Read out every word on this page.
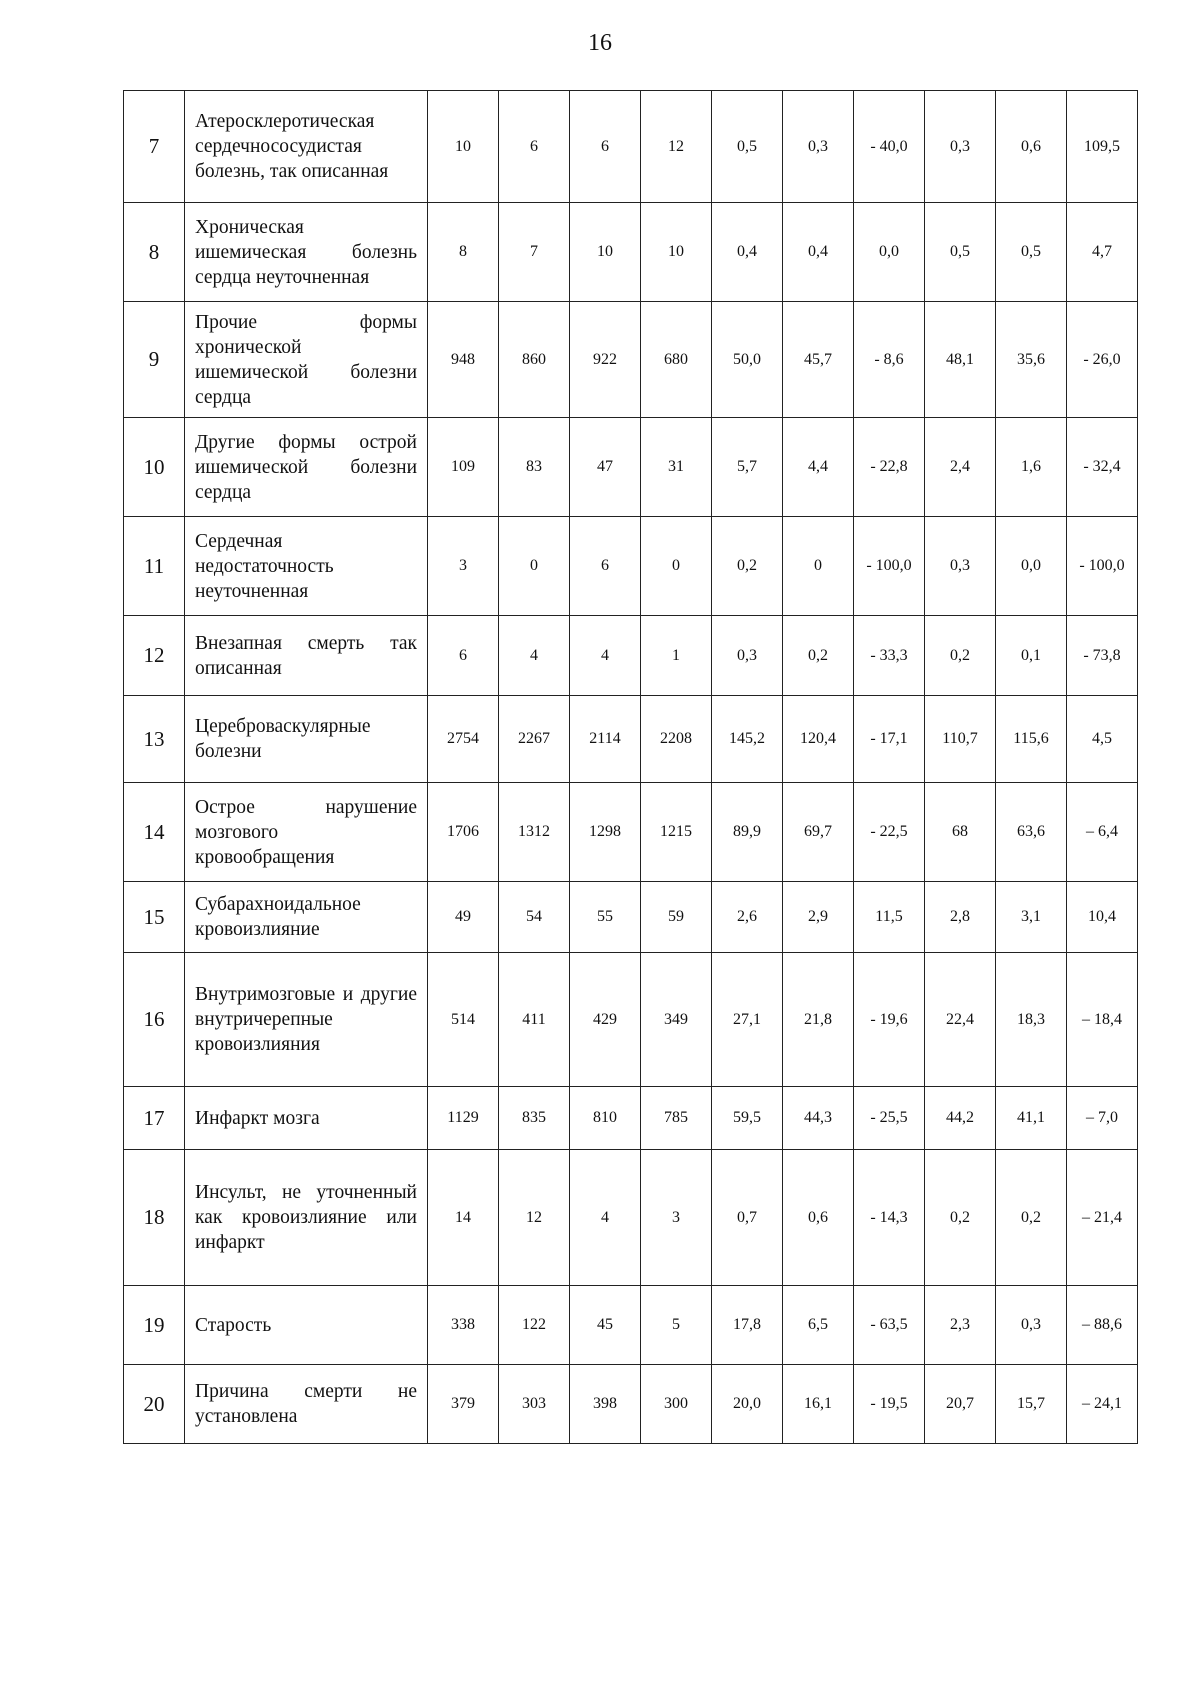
16
7	Атеросклеротическая сердечнососудистая болезнь, так описанная	10	6	6	12	0,5	0,3	- 40,0	0,3	0,6	109,5
8	Хроническая ишемическая болезнь сердца неуточненная	8	7	10	10	0,4	0,4	0,0	0,5	0,5	4,7
9	Прочие формы хронической ишемической болезни сердца	948	860	922	680	50,0	45,7	- 8,6	48,1	35,6	- 26,0
10	Другие формы острой ишемической болезни сердца	109	83	47	31	5,7	4,4	- 22,8	2,4	1,6	- 32,4
11	Сердечная недостаточность неуточненная	3	0	6	0	0,2	0	- 100,0	0,3	0,0	- 100,0
12	Внезапная смерть так описанная	6	4	4	1	0,3	0,2	- 33,3	0,2	0,1	- 73,8
13	Цереброваскулярные болезни	2754	2267	2114	2208	145,2	120,4	- 17,1	110,7	115,6	4,5
14	Острое нарушение мозгового кровообращения	1706	1312	1298	1215	89,9	69,7	- 22,5	68	63,6	– 6,4
15	Субарахноидальное кровоизлияние	49	54	55	59	2,6	2,9	11,5	2,8	3,1	10,4
16	Внутримозговые и другие внутричерепные кровоизлияния	514	411	429	349	27,1	21,8	- 19,6	22,4	18,3	– 18,4
17	Инфаркт мозга	1129	835	810	785	59,5	44,3	- 25,5	44,2	41,1	– 7,0
18	Инсульт, не уточненный как кровоизлияние или инфаркт	14	12	4	3	0,7	0,6	- 14,3	0,2	0,2	– 21,4
19	Старость	338	122	45	5	17,8	6,5	- 63,5	2,3	0,3	– 88,6
20	Причина смерти не установлена	379	303	398	300	20,0	16,1	- 19,5	20,7	15,7	– 24,1
